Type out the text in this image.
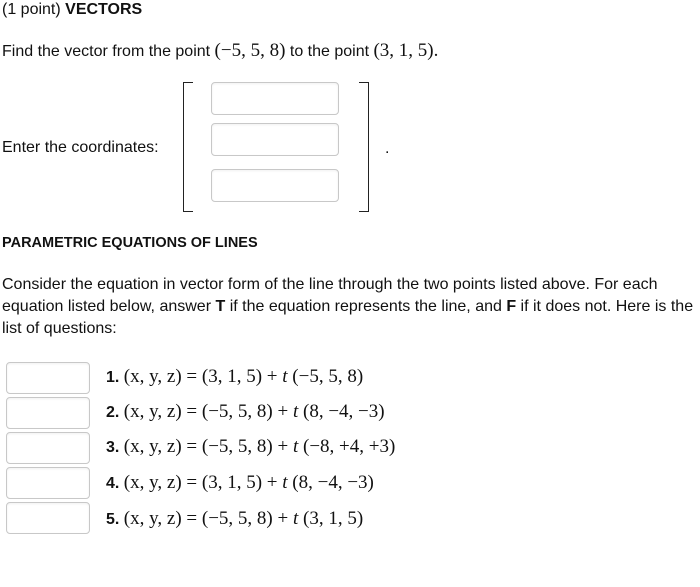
(1 point) VECTORS
Find the vector from the point (−5, 5, 8) to the point (3, 1, 5).
Enter the coordinates:	.
PARAMETRIC EQUATIONS OF LINES
Consider the equation in vector form of the line through the two points listed above. For each equation listed below, answer T if the equation represents the line, and F if it does not. Here is the list of questions:
1. (x, y, z) = (3, 1, 5) + t (−5, 5, 8)
2. (x, y, z) = (−5, 5, 8) + t (8, −4, −3)
3. (x, y, z) = (−5, 5, 8) + t (−8, +4, +3)
4. (x, y, z) = (3, 1, 5) + t (8, −4, −3)
5. (x, y, z) = (−5, 5, 8) + t (3, 1, 5)
